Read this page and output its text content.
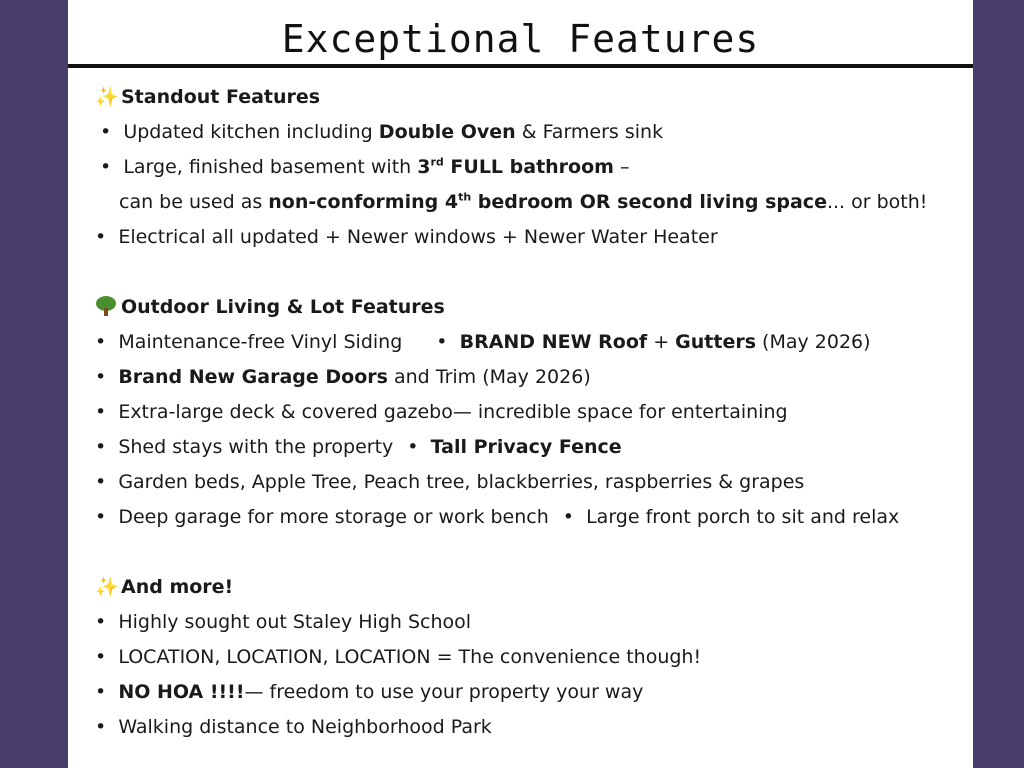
Exceptional Features
✨ Standout Features
• Updated kitchen including Double Oven & Farmers sink
• Large, finished basement with 3rd FULL bathroom –
can be used as non-conforming 4th bedroom OR second living space... or both!
• Electrical all updated + Newer windows + Newer Water Heater
Outdoor Living & Lot Features
• Maintenance-free Vinyl Siding • BRAND NEW Roof + Gutters (May 2026)
• Brand New Garage Doors and Trim (May 2026)
• Extra-large deck & covered gazebo— incredible space for entertaining
• Shed stays with the property • Tall Privacy Fence
• Garden beds, Apple Tree, Peach tree, blackberries, raspberries & grapes
• Deep garage for more storage or work bench • Large front porch to sit and relax
✨ And more!
• Highly sought out Staley High School
• LOCATION, LOCATION, LOCATION = The convenience though!
• NO HOA !!!!— freedom to use your property your way
• Walking distance to Neighborhood Park
